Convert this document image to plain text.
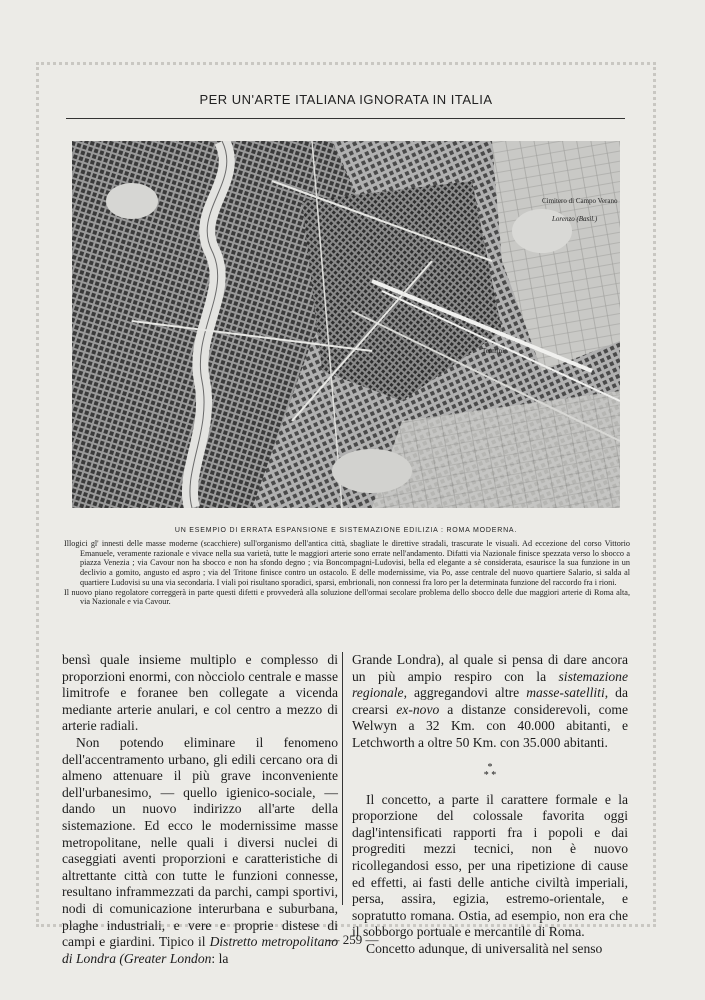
PER UN'ARTE ITALIANA IGNORATA IN ITALIA
Cimitero di Campo Verano
Lorenzo (Basil.)
Termini
UN ESEMPIO DI ERRATA ESPANSIONE E SISTEMAZIONE EDILIZIA : ROMA MODERNA.

Illogici gl' innesti delle masse moderne (scacchiere) sull'organismo dell'antica città, sbagliate le direttive stradali, trascurate le visuali. Ad eccezione del corso Vittorio Emanuele, veramente razionale e vivace nella sua varietà, tutte le maggiori arterie sono errate nell'andamento. Difatti via Nazionale finisce spezzata verso lo sbocco a piazza Venezia ; via Cavour non ha sbocco e non ha sfondo degno ; via Boncompagni-Ludovisi, bella ed elegante a sè considerata, esaurisce la sua funzione in un declivio a gomito, angusto ed aspro ; via del Tritone finisce contro un ostacolo. E delle modernissime, via Po, asse centrale del nuovo quartiere Salario, si salda al quartiere Ludovisi su una via secondaria. I viali poi risultano sporadici, sparsi, embrionali, non connessi fra loro per la determinata funzione del raccordo fra i rioni.

Il nuovo piano regolatore correggerà in parte questi difetti e provvederà alla soluzione dell'ormai secolare problema dello sbocco delle due maggiori arterie di Roma alta, via Nazionale e via Cavour.

bensì quale insieme multiplo e complesso di proporzioni enormi, con nòcciolo centrale e masse limitrofe e foranee ben collegate a vicenda mediante arterie anulari, e col centro a mezzo di arterie radiali.

Non potendo eliminare il fenomeno dell'accentramento urbano, gli edili cercano ora di almeno attenuare il più grave inconveniente dell'urbanesimo, — quello igienico-sociale, — dando un nuovo indirizzo all'arte della sistemazione. Ed ecco le modernissime masse metropolitane, nelle quali i diversi nuclei di caseggiati aventi proporzioni e caratteristiche di altrettante città con tutte le funzioni connesse, resultano inframmezzati da parchi, campi sportivi, nodi di comunicazione interurbana e suburbana, plaghe industriali, e vere e proprie distese di campi e giardini. Tipico il Distretto metropolitano di Londra (Greater London: la

Grande Londra), al quale si pensa di dare ancora un più ampio respiro con la sistemazione regionale, aggregandovi altre masse-satelliti, da crearsi ex-novo a distanze considerevoli, come Welwyn a 32 Km. con 40.000 abitanti, e Letchworth a oltre 50 Km. con 35.000 abitanti.

*
* *

Il concetto, a parte il carattere formale e la proporzione del colossale favorita oggi dagl'intensificati rapporti fra i popoli e dai progrediti mezzi tecnici, non è nuovo ricollegandosi esso, per una ripetizione di cause ed effetti, ai fasti delle antiche civiltà imperiali, persa, assira, egizia, estremo-orientale, e sopratutto romana. Ostia, ad esempio, non era che il sobborgo portuale e mercantile di Roma.

Concetto adunque, di universalità nel senso

— 259 —
